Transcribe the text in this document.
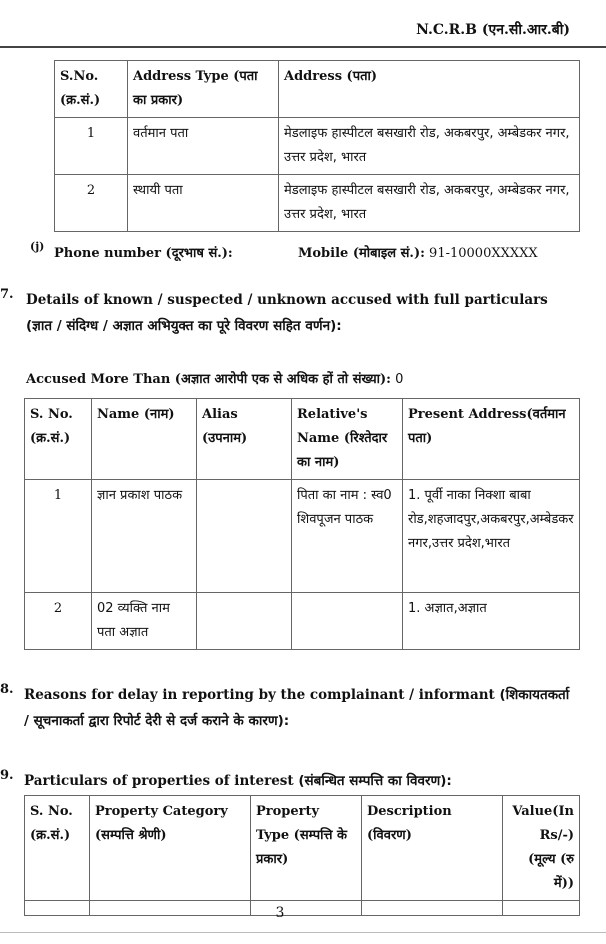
N.C.R.B (एन.सी.आर.बी)
S.No. (क्र.सं.)	Address Type (पता का प्रकार)	Address (पता)
1	वर्तमान पता	मेडलाइफ हास्पीटल बसखारी रोड, अकबरपुर, अम्बेडकर नगर, उत्तर प्रदेश, भारत
2	स्थायी पता	मेडलाइफ हास्पीटल बसखारी रोड, अकबरपुर, अम्बेडकर नगर, उत्तर प्रदेश, भारत
(j) Phone number (दूरभाष सं.):	Mobile (मोबाइल सं.): 91-10000XXXXX
7. Details of known / suspected / unknown accused with full particulars (ज्ञात / संदिग्ध / अज्ञात अभियुक्त का पूरे विवरण सहित वर्णन):
Accused More Than (अज्ञात आरोपी एक से अधिक हों तो संख्या): 0
S. No. (क्र.सं.)	Name (नाम)	Alias (उपनाम)	Relative's Name (रिश्तेदार का नाम)	Present Address(वर्तमान पता)
1	ज्ञान प्रकाश पाठक		पिता का नाम : स्व0 शिवपूजन पाठक	1. पूर्वी नाका निक्शा बाबा रोड,शहजादपुर,अकबरपुर,अम्बेडकर नगर,उत्तर प्रदेश,भारत
2	02 व्यक्ति नाम पता अज्ञात			1. अज्ञात,अज्ञात
8. Reasons for delay in reporting by the complainant / informant (शिकायतकर्ता / सूचनाकर्ता द्वारा रिपोर्ट देरी से दर्ज कराने के कारण):
9. Particulars of properties of interest (संबन्धित सम्पत्ति का विवरण):
S. No. (क्र.सं.)	Property Category (सम्पत्ति श्रेणी)	Property Type (सम्पत्ति के प्रकार)	Description (विवरण)	Value(In Rs/-) (मूल्य (रु में))

3
